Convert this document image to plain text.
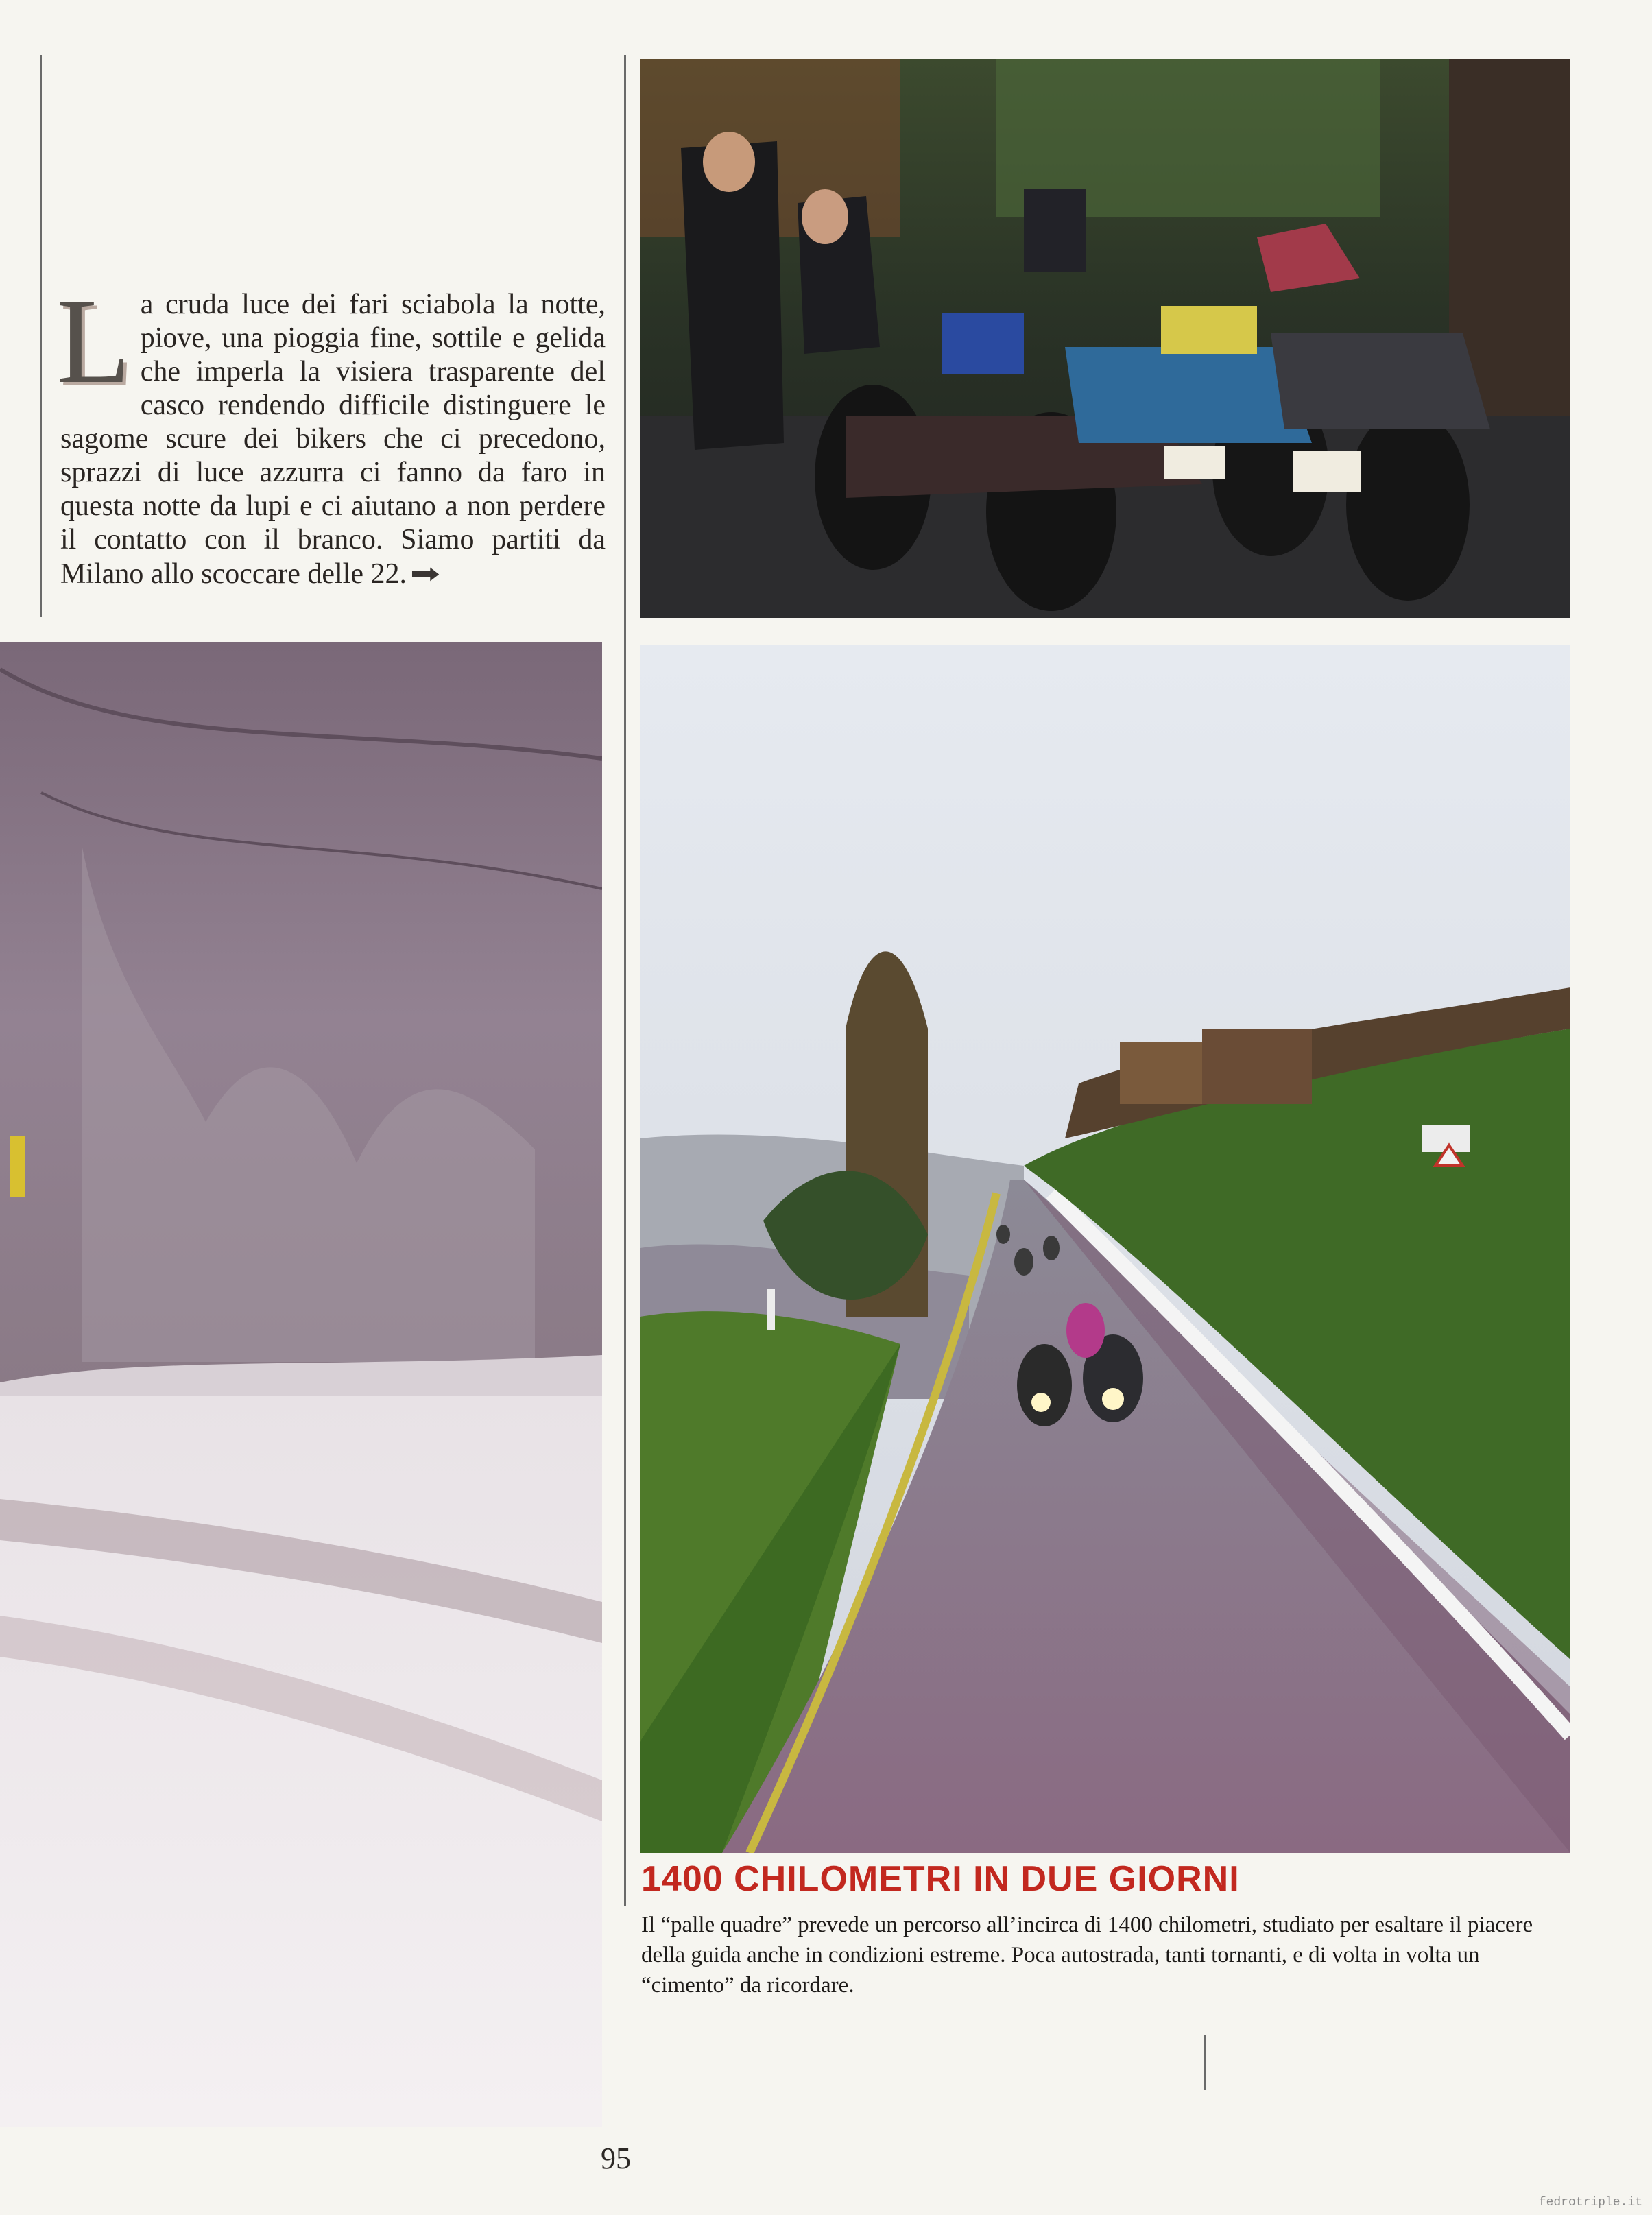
La cruda luce dei fari sciabola la notte, piove, una pioggia fine, sottile e gelida che imperla la visiera trasparente del casco rendendo difficile distinguere le sagome scure dei bikers che ci precedono, sprazzi di luce azzurra ci fanno da faro in questa notte da lupi e ci aiutano a non perdere il contatto con il branco. Siamo partiti da Milano allo scoccare delle 22. ➡
1400 CHILOMETRI IN DUE GIORNI
Il “palle quadre” prevede un percorso all’incirca di 1400 chilometri, studiato per esaltare il piacere della guida anche in condizioni estreme. Poca autostrada, tanti tornanti, e di volta in volta un “cimento” da ricordare.
95
fedrotriple.it
